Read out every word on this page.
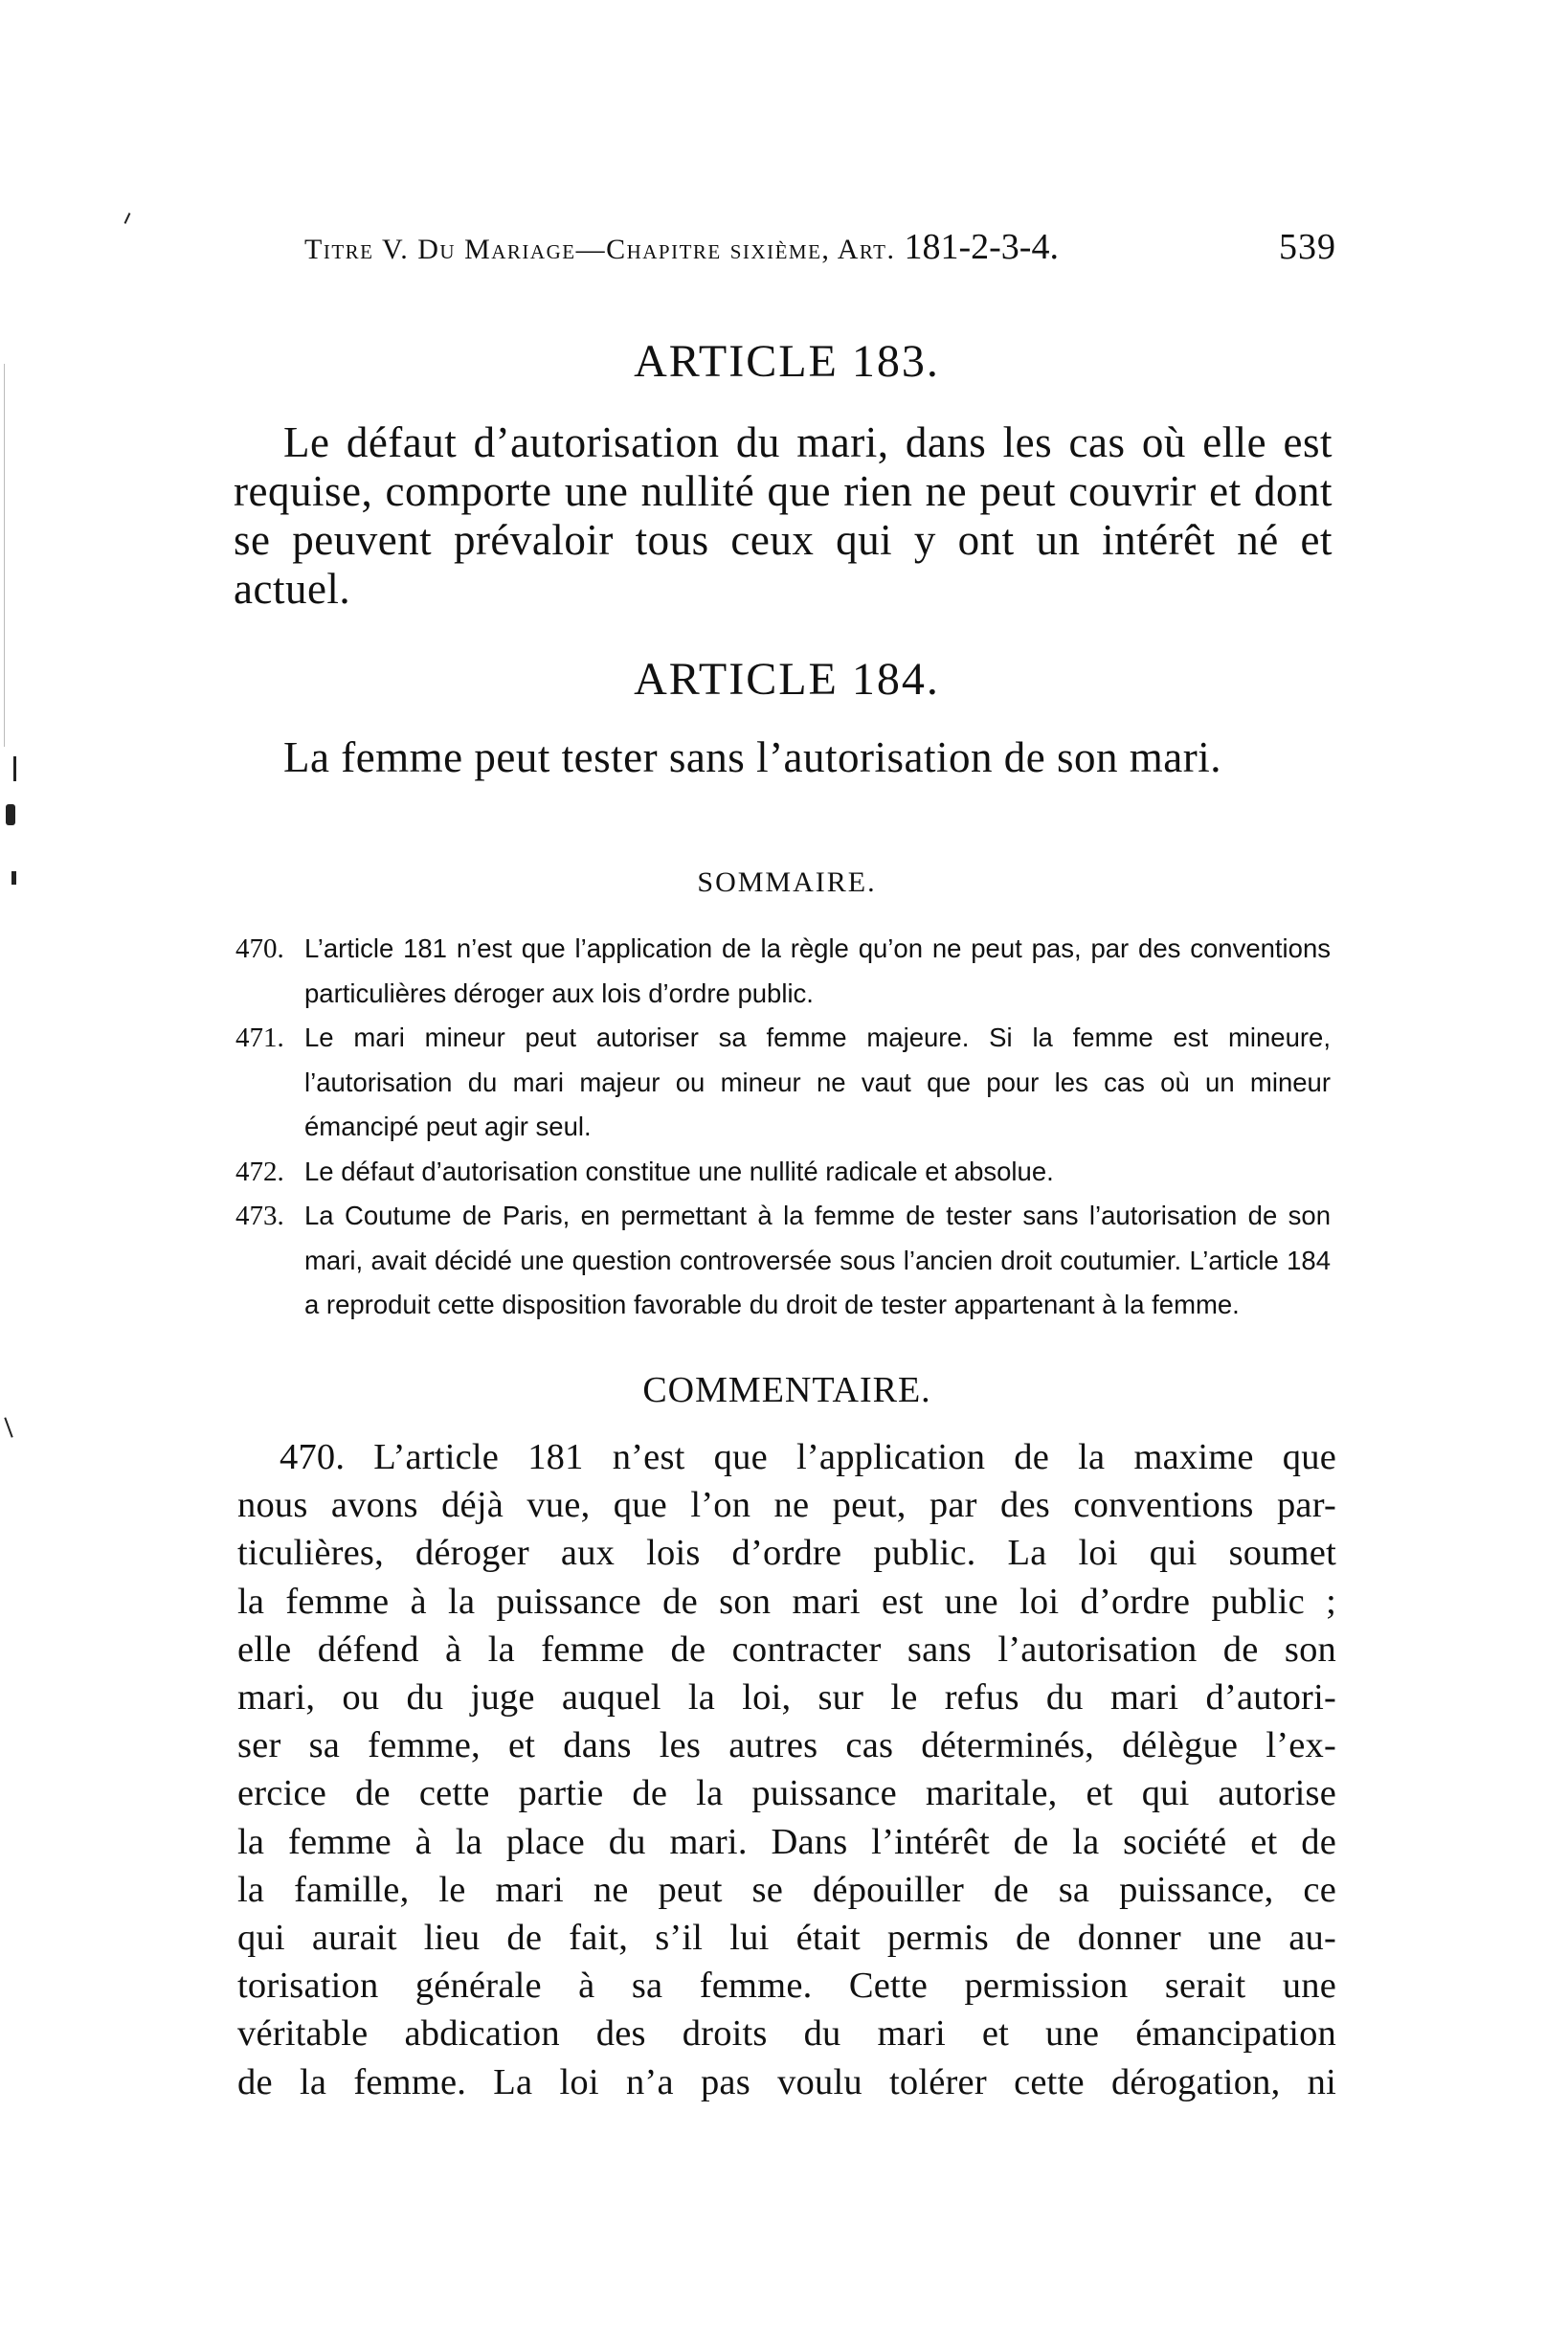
Titre V. Du Mariage—Chapitre sixième, Art. 181-2-3-4.	539
ARTICLE 183.
Le défaut d’autorisation du mari, dans les cas où elle est requise, comporte une nullité que rien ne peut couvrir et dont se peuvent prévaloir tous ceux qui y ont un intérêt né et actuel.
ARTICLE 184.
La femme peut tester sans l’autorisation de son mari.
SOMMAIRE.
470. L’article 181 n’est que l’application de la règle qu’on ne peut pas, par des conventions particulières déroger aux lois d’ordre public.
471. Le mari mineur peut autoriser sa femme majeure. Si la femme est mineure, l’autorisation du mari majeur ou mineur ne vaut que pour les cas où un mineur émancipé peut agir seul.
472. Le défaut d’autorisation constitue une nullité radicale et absolue.
473. La Coutume de Paris, en permettant à la femme de tester sans l’autorisation de son mari, avait décidé une question controversée sous l’ancien droit coutumier. L’article 184 a reproduit cette disposition favorable du droit de tester appartenant à la femme.
COMMENTAIRE.
470. L’article 181 n’est que l’application de la maxime que
nous avons déjà vue, que l’on ne peut, par des conventions par-
ticulières, déroger aux lois d’ordre public. La loi qui soumet
la femme à la puissance de son mari est une loi d’ordre public ;
elle défend à la femme de contracter sans l’autorisation de son
mari, ou du juge auquel la loi, sur le refus du mari d’autori-
ser sa femme, et dans les autres cas déterminés, délègue l’ex-
ercice de cette partie de la puissance maritale, et qui autorise
la femme à la place du mari. Dans l’intérêt de la société et de
la famille, le mari ne peut se dépouiller de sa puissance, ce
qui aurait lieu de fait, s’il lui était permis de donner une au-
torisation générale à sa femme. Cette permission serait une
véritable abdication des droits du mari et une émancipation
de la femme. La loi n’a pas voulu tolérer cette dérogation, ni
